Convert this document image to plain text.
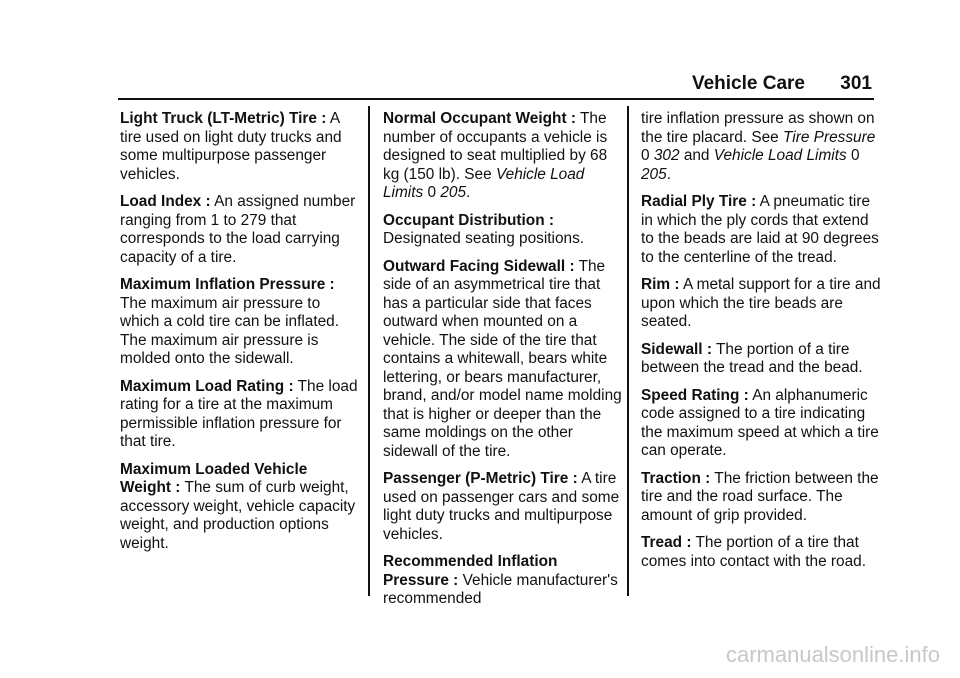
Vehicle Care 301

Light Truck (LT-Metric) Tire : A tire used on light duty trucks and some multipurpose passenger vehicles.

Load Index : An assigned number ranging from 1 to 279 that corresponds to the load carrying capacity of a tire.

Maximum Inflation Pressure : The maximum air pressure to which a cold tire can be inflated. The maximum air pressure is molded onto the sidewall.

Maximum Load Rating : The load rating for a tire at the maximum permissible inflation pressure for that tire.

Maximum Loaded Vehicle Weight : The sum of curb weight, accessory weight, vehicle capacity weight, and production options weight.

Normal Occupant Weight : The number of occupants a vehicle is designed to seat multiplied by 68 kg (150 lb). See Vehicle Load Limits 0 205.

Occupant Distribution : Designated seating positions.

Outward Facing Sidewall : The side of an asymmetrical tire that has a particular side that faces outward when mounted on a vehicle. The side of the tire that contains a whitewall, bears white lettering, or bears manufacturer, brand, and/or model name molding that is higher or deeper than the same moldings on the other sidewall of the tire.

Passenger (P-Metric) Tire : A tire used on passenger cars and some light duty trucks and multipurpose vehicles.

Recommended Inflation Pressure : Vehicle manufacturer's recommended

tire inflation pressure as shown on the tire placard. See Tire Pressure 0 302 and Vehicle Load Limits 0 205.

Radial Ply Tire : A pneumatic tire in which the ply cords that extend to the beads are laid at 90 degrees to the centerline of the tread.

Rim : A metal support for a tire and upon which the tire beads are seated.

Sidewall : The portion of a tire between the tread and the bead.

Speed Rating : An alphanumeric code assigned to a tire indicating the maximum speed at which a tire can operate.

Traction : The friction between the tire and the road surface. The amount of grip provided.

Tread : The portion of a tire that comes into contact with the road.

carmanualsonline.info
